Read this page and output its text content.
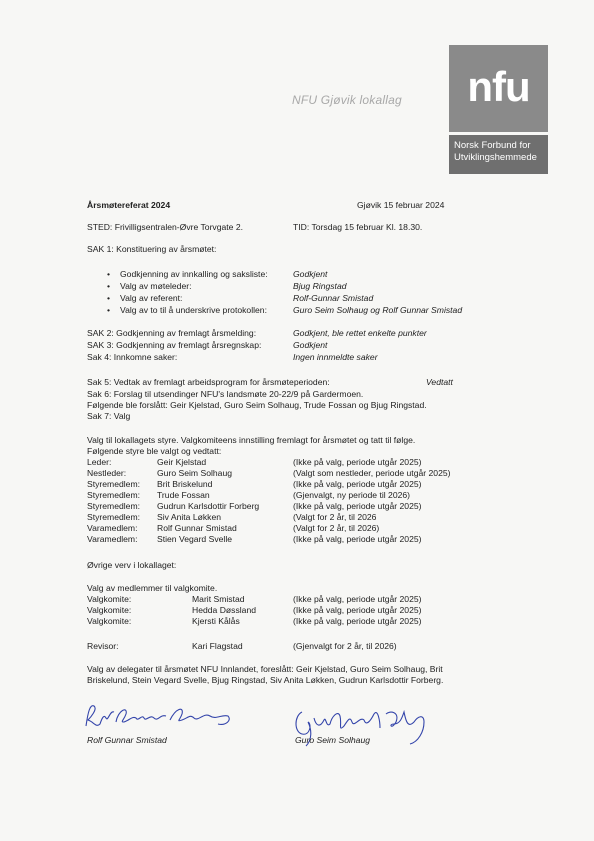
NFU Gjøvik lokallag	nfu
Norsk Forbund for
Utviklingshemmede
Årsmøtereferat 2024	Gjøvik 15 februar 2024
STED: Frivilligsentralen-Øvre Torvgate 2.	TID: Torsdag 15 februar Kl. 18.30.
SAK 1: Konstituering av årsmøtet:
• Godkjenning av innkalling og saksliste:	Godkjent
• Valg av møteleder:	Bjug Ringstad
• Valg av referent:	Rolf-Gunnar Smistad
• Valg av to til å underskrive protokollen:	Guro Seim Solhaug og Rolf Gunnar Smistad
SAK 2: Godkjenning av fremlagt årsmelding:	Godkjent, ble rettet enkelte punkter
SAK 3: Godkjenning av fremlagt årsregnskap:	Godkjent
Sak 4: Innkomne saker:	Ingen innmeldte saker
Sak 5: Vedtak av fremlagt arbeidsprogram for årsmøteperioden:	Vedtatt
Sak 6: Forslag til utsendinger NFU's landsmøte 20-22/9 på Gardermoen.
Følgende ble forslått: Geir Kjelstad, Guro Seim Solhaug, Trude Fossan og Bjug Ringstad.
Sak 7: Valg
Valg til lokallagets styre. Valgkomiteens innstilling fremlagt for årsmøtet og tatt til følge.
Følgende styre ble valgt og vedtatt:
Leder:	Geir Kjelstad	(Ikke på valg, periode utgår 2025)
Nestleder:	Guro Seim Solhaug	(Valgt som nestleder, periode utgår 2025)
Styremedlem: Brit Briskelund	(Ikke på valg, periode utgår 2025)
Styremedlem: Trude Fossan	(Gjenvalgt, ny periode til 2026)
Styremedlem: Gudrun Karlsdottir Forberg	(Ikke på valg, periode utgår 2025)
Styremedlem: Siv Anita Løkken	(Valgt for 2 år, til 2026
Varamedlem: Rolf Gunnar Smistad	(Valgt for 2 år, til 2026)
Varamedlem: Stien Vegard Svelle	(Ikke på valg, periode utgår 2025)
Øvrige verv i lokallaget:
Valg av medlemmer til valgkomite.
Valgkomite:	Marit Smistad	(Ikke på valg, periode utgår 2025)
Valgkomite:	Hedda Døssland	(Ikke på valg, periode utgår 2025)
Valgkomite:	Kjersti Kålås	(Ikke på valg, periode utgår 2025)
Revisor:	Kari Flagstad	(Gjenvalgt for 2 år, til 2026)
Valg av delegater til årsmøtet NFU Innlandet, foreslått: Geir Kjelstad, Guro Seim Solhaug, Brit
Briskelund, Stein Vegard Svelle, Bjug Ringstad, Siv Anita Løkken, Gudrun Karlsdottir Forberg.
Rolf Gunnar Smistad	Guro Seim Solhaug
